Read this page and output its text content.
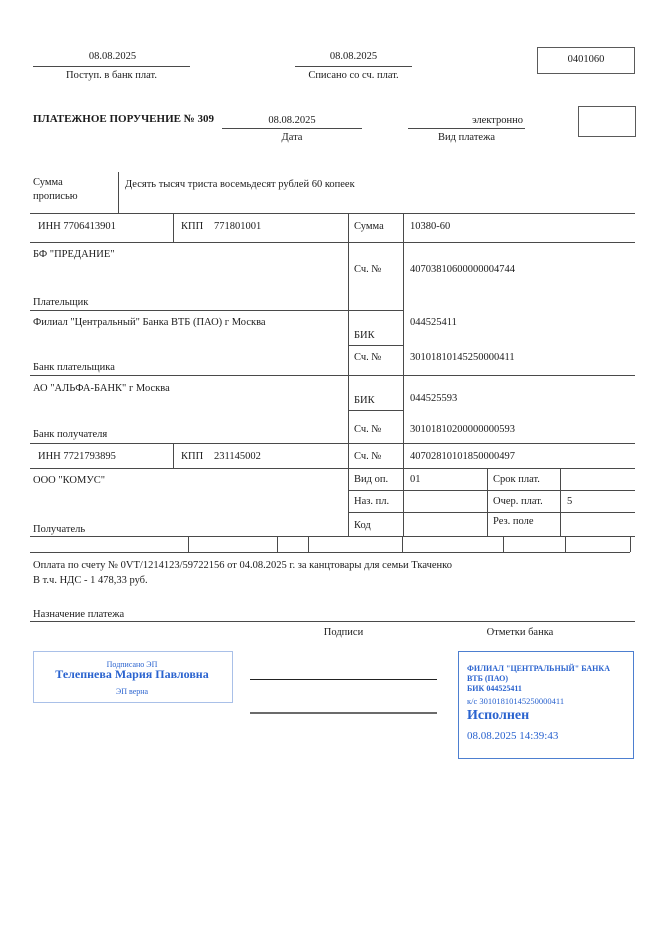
08.08.2025
Поступ. в банк плат.
08.08.2025
Списано со сч. плат.
0401060
ПЛАТЕЖНОЕ ПОРУЧЕНИЕ № 309	08.08.2025
Дата
электронно
Вид платежа
Сумма прописью
Десять тысяч триста восемьдесят рублей 60 копеек
ИНН 7706413901	КПП 771801001	Сумма	10380-60
БФ "ПРЕДАНИЕ"
Сч. №	40703810600000004744
Плательщик
Филиал "Центральный" Банка ВТБ (ПАО) г Москва	044525411
БИК
Сч. №	30101810145250000411
Банк плательщика
АО "АЛЬФА-БАНК" г Москва
044525593
БИК
Сч. №	30101810200000000593
Банк получателя
ИНН 7721793895	КПП 231145002	Сч. №	40702810101850000497
ООО "КОМУС"
Получатель
Вид оп. 01	Срок плат.
Наз. пл.	Очер. плат. 5
Код	Рез. поле
Оплата по счету № 0VT/1214123/59722156 от 04.08.2025 г. за канцтовары для семьи Ткаченко
В т.ч. НДС - 1 478,33 руб.
Назначение платежа
Подписи	Отметки банка
Подписано ЭП
Телепнева Мария Павловна
ЭП верна
ФИЛИАЛ "ЦЕНТРАЛЬНЫЙ" БАНКА
ВТБ (ПАО)
БИК 044525411
к/с 30101810145250000411
Исполнен
08.08.2025 14:39:43
